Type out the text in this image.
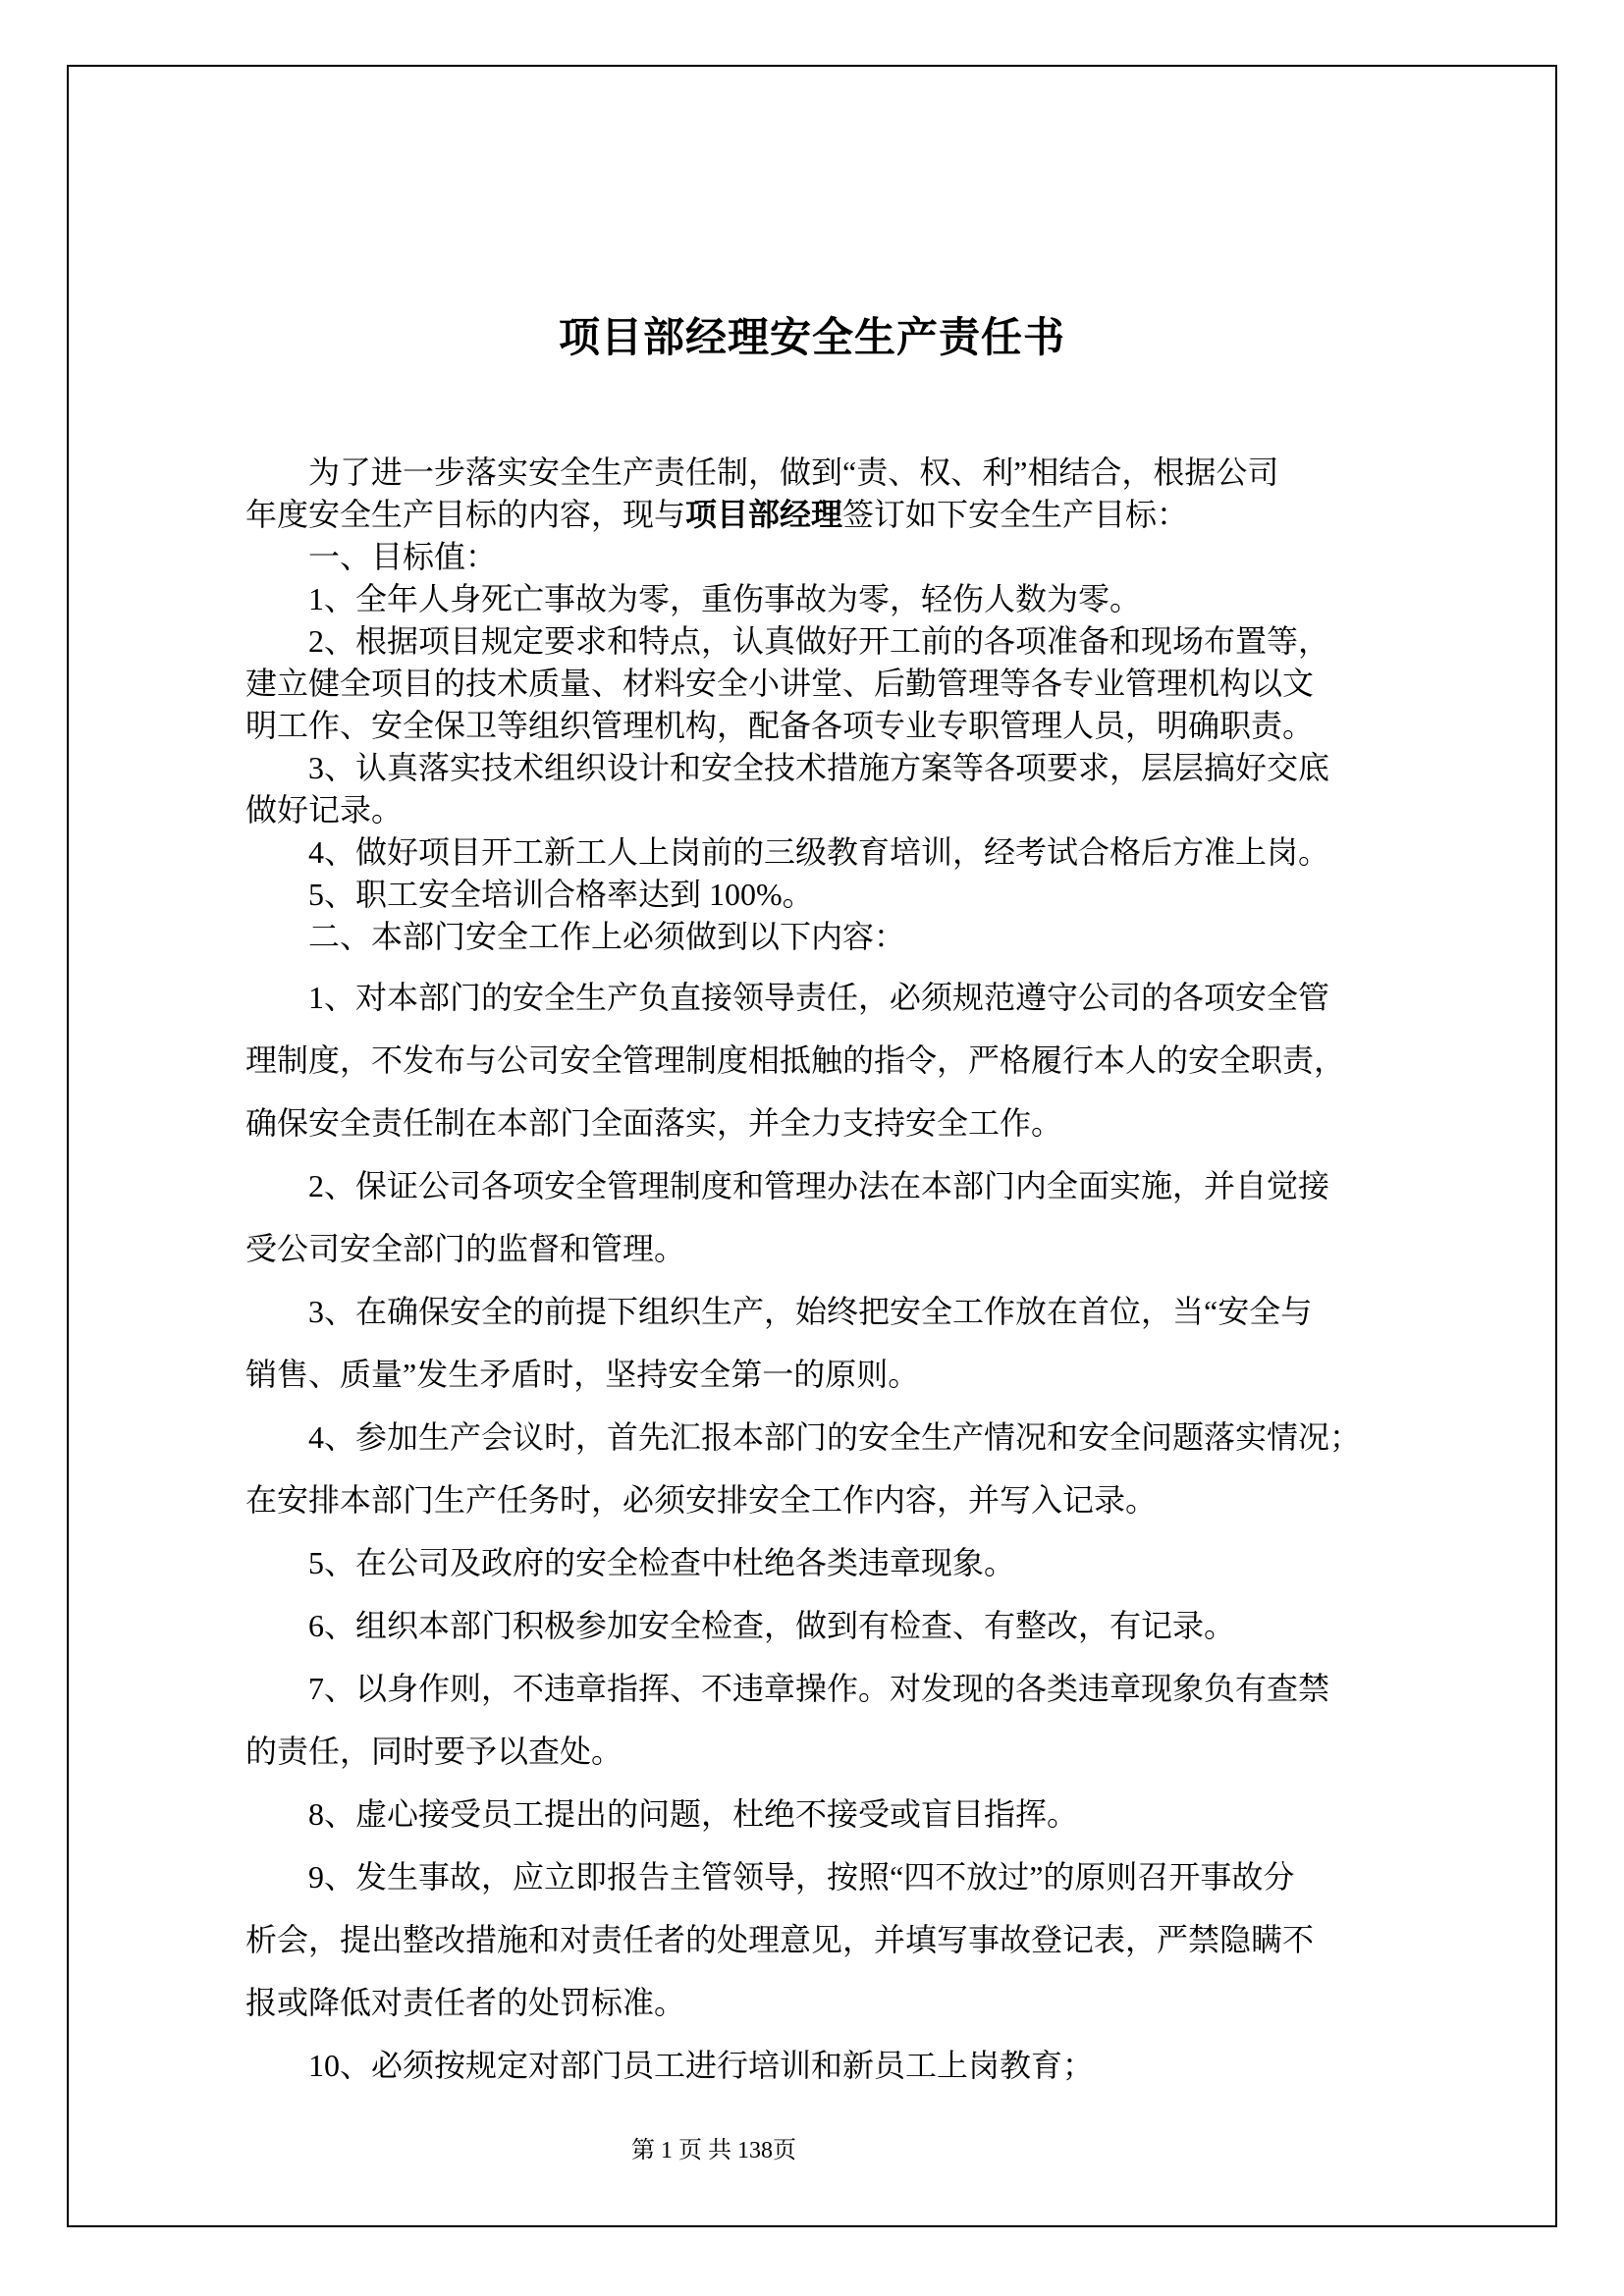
项目部经理安全生产责任书
为了进一步落实安全生产责任制，做到“责、权、利”相结合，根据公司
年度安全生产目标的内容，现与项目部经理签订如下安全生产目标：
一、目标值：
1、全年人身死亡事故为零，重伤事故为零，轻伤人数为零。
2、根据项目规定要求和特点，认真做好开工前的各项准备和现场布置等，
建立健全项目的技术质量、材料安全小讲堂、后勤管理等各专业管理机构以文
明工作、安全保卫等组织管理机构，配备各项专业专职管理人员，明确职责。
3、认真落实技术组织设计和安全技术措施方案等各项要求，层层搞好交底
做好记录。
4、做好项目开工新工人上岗前的三级教育培训，经考试合格后方准上岗。
5、职工安全培训合格率达到 100%。
二、本部门安全工作上必须做到以下内容：
1、对本部门的安全生产负直接领导责任，必须规范遵守公司的各项安全管
理制度，不发布与公司安全管理制度相抵触的指令，严格履行本人的安全职责，
确保安全责任制在本部门全面落实，并全力支持安全工作。
2、保证公司各项安全管理制度和管理办法在本部门内全面实施，并自觉接
受公司安全部门的监督和管理。
3、在确保安全的前提下组织生产，始终把安全工作放在首位，当“安全与
销售、质量”发生矛盾时，坚持安全第一的原则。
4、参加生产会议时，首先汇报本部门的安全生产情况和安全问题落实情况；
在安排本部门生产任务时，必须安排安全工作内容，并写入记录。
5、在公司及政府的安全检查中杜绝各类违章现象。
6、组织本部门积极参加安全检查，做到有检查、有整改，有记录。
7、以身作则，不违章指挥、不违章操作。对发现的各类违章现象负有查禁
的责任，同时要予以查处。
8、虚心接受员工提出的问题，杜绝不接受或盲目指挥。
9、发生事故，应立即报告主管领导，按照“四不放过”的原则召开事故分
析会，提出整改措施和对责任者的处理意见，并填写事故登记表，严禁隐瞒不
报或降低对责任者的处罚标准。
10、必须按规定对部门员工进行培训和新员工上岗教育；
第 1 页 共 138页
